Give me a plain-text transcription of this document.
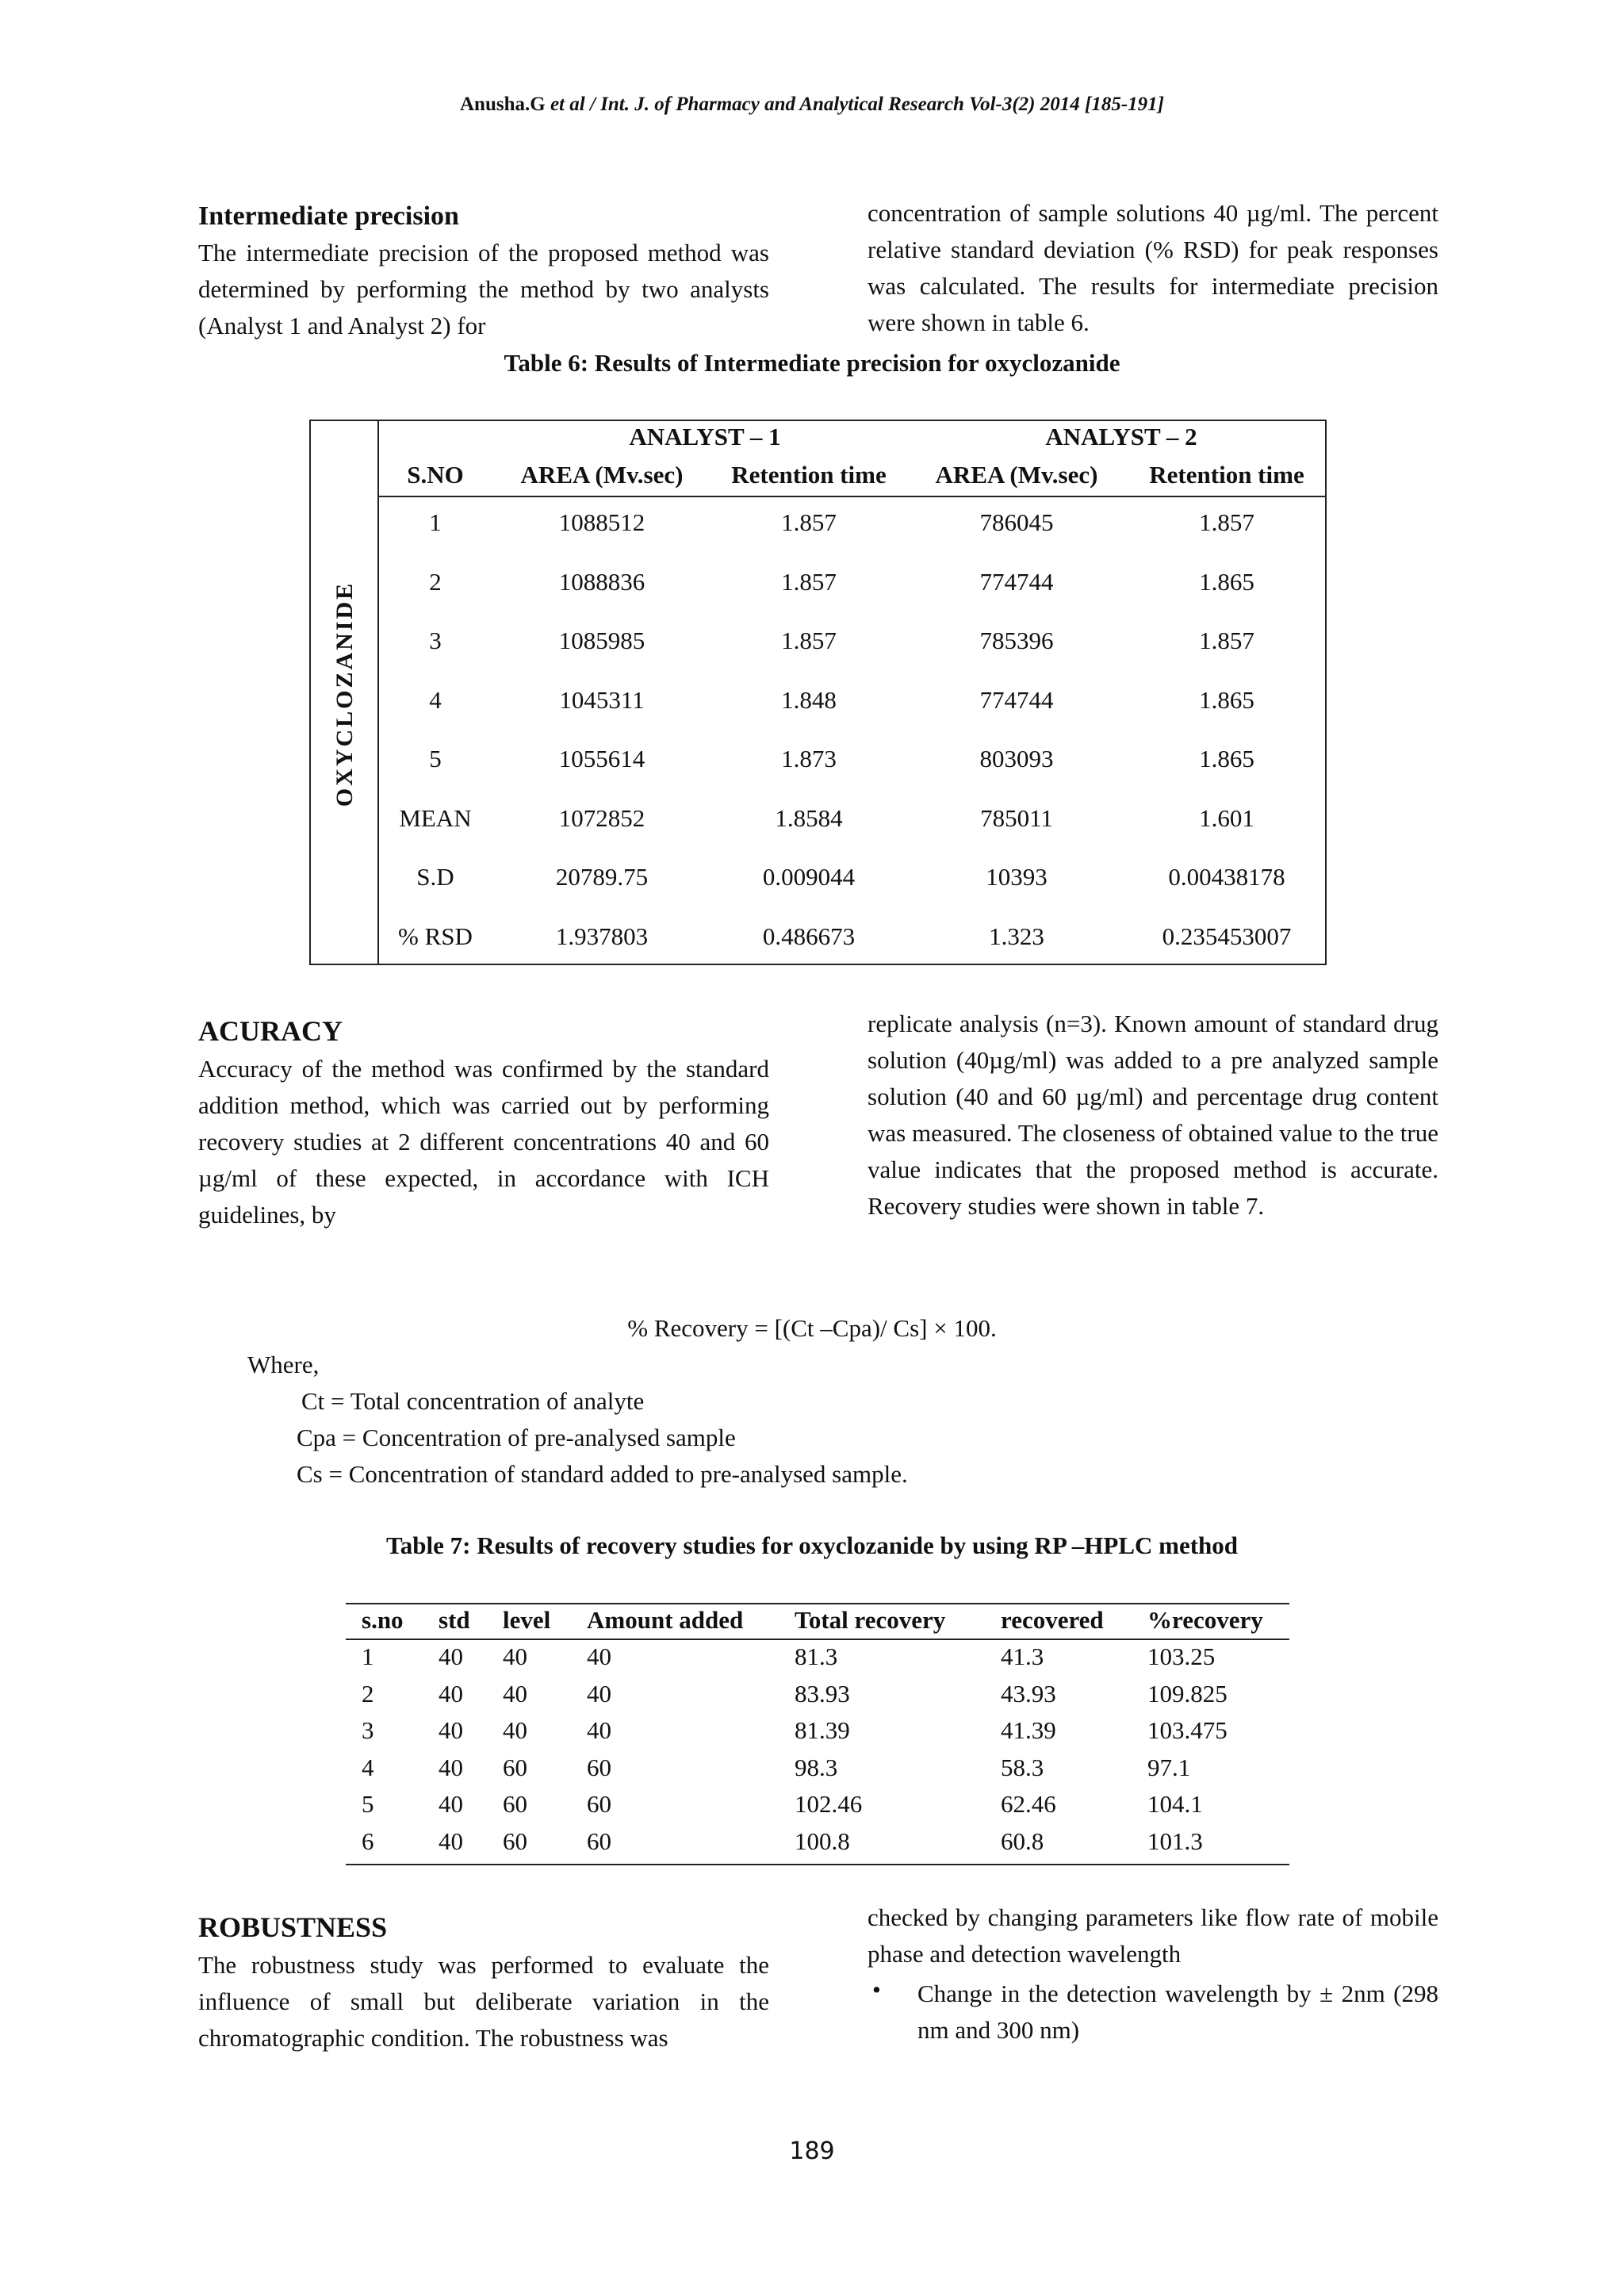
Anusha.G et al / Int. J. of Pharmacy and Analytical Research Vol-3(2) 2014 [185-191]
Intermediate precision

The intermediate precision of the proposed method was determined by performing the method by two analysts (Analyst 1 and Analyst 2) for

concentration of sample solutions 40 µg/ml. The percent relative standard deviation (% RSD) for peak responses was calculated. The results for intermediate precision were shown in table 6.

Table 6: Results of Intermediate precision for oxyclozanide
OXYCLOZANIDE
ANALYST – 1	ANALYST – 2
S.NO AREA (Mv.sec) Retention time AREA (Mv.sec) Retention time
1	1088512	1.857	786045	1.857
2	1088836	1.857	774744	1.865
3	1085985	1.857	785396	1.857
4	1045311	1.848	774744	1.865
5	1055614	1.873	803093	1.865
MEAN	1072852	1.8584	785011	1.601
S.D	20789.75	0.009044	10393	0.00438178
% RSD	1.937803	0.486673	1.323	0.235453007
ACURACY

Accuracy of the method was confirmed by the standard addition method, which was carried out by performing recovery studies at 2 different concentrations 40 and 60 µg/ml of these expected, in accordance with ICH guidelines, by

replicate analysis (n=3). Known amount of standard drug solution (40µg/ml) was added to a pre analyzed sample solution (40 and 60 µg/ml) and percentage drug content was measured. The closeness of obtained value to the true value indicates that the proposed method is accurate. Recovery studies were shown in table 7.

% Recovery = [(Ct –Cpa)/ Cs] × 100.
Where,
Ct = Total concentration of analyte
Cpa = Concentration of pre-analysed sample
Cs = Concentration of standard added to pre-analysed sample.
Table 7: Results of recovery studies for oxyclozanide by using RP –HPLC method
s.no std level Amount added Total recovery recovered %recovery
1	40 40 40	81.3	41.3	103.25
2	40 40 40	83.93	43.93	109.825
3	40 40 40	81.39	41.39	103.475
4	40 60 60	98.3	58.3	97.1
5	40 60 60	102.46	62.46	104.1
6	40 60 60	100.8	60.8	101.3
ROBUSTNESS

The robustness study was performed to evaluate the influence of small but deliberate variation in the chromatographic condition. The robustness was

checked by changing parameters like flow rate of mobile phase and detection wavelength

• Change in the detection wavelength by ± 2nm (298 nm and 300 nm)
189
